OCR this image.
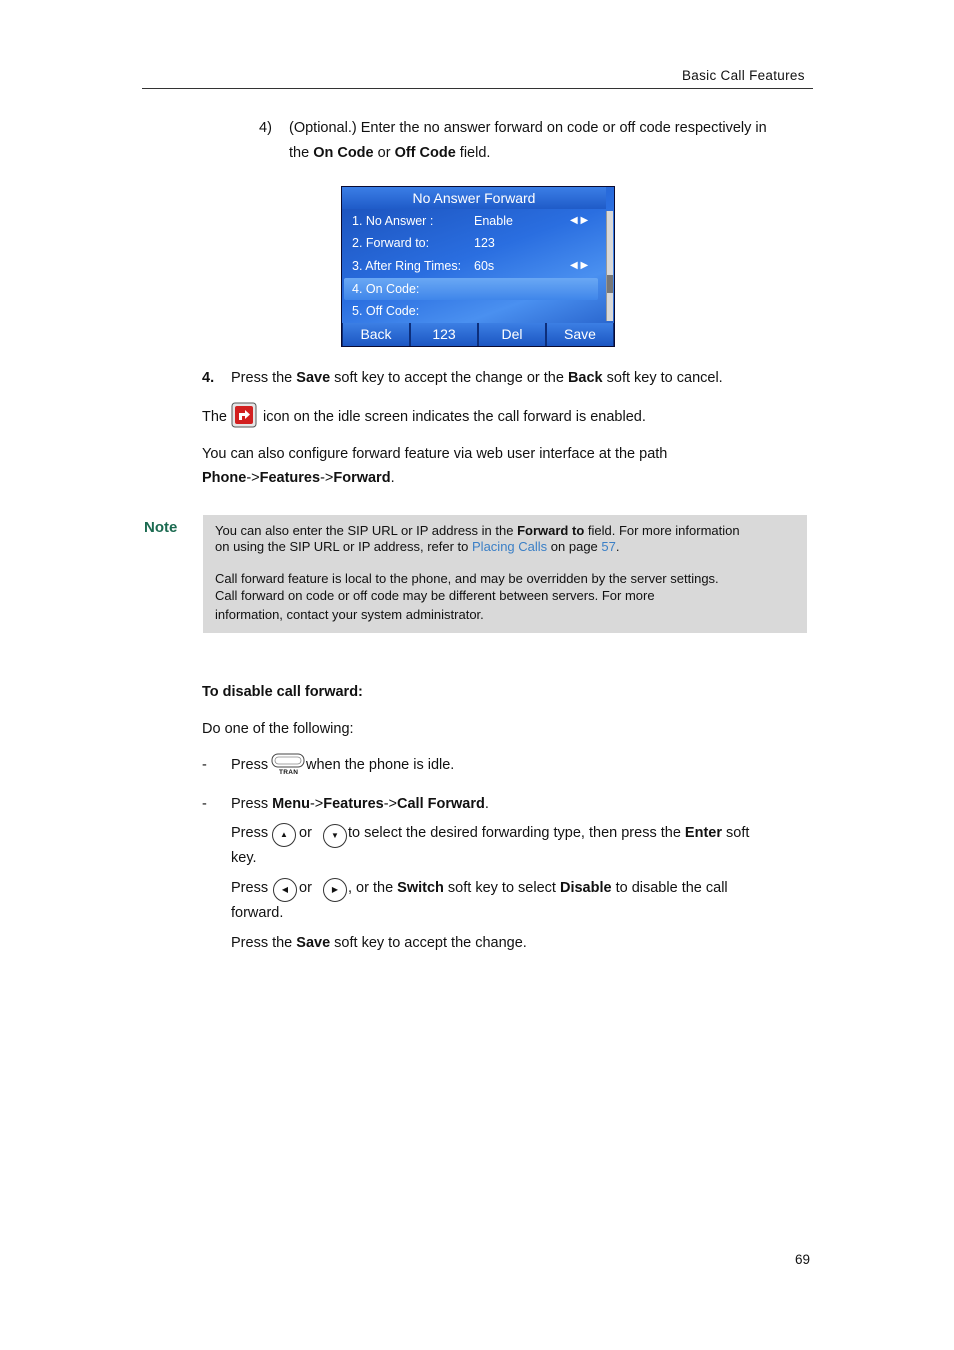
Basic Call Features
4) (Optional.) Enter the no answer forward on code or off code respectively in
the On Code or Off Code field.
No Answer Forward
1. No Answer :	Enable	◀ ▶
2. Forward to:	123
3. After Ring Times: 60s	◀ ▶
4. On Code:
5. Off Code:
Back	123	Del	Save
4. Press the Save soft key to accept the change or the Back soft key to cancel.
The icon on the idle screen indicates the call forward is enabled.
You can also configure forward feature via web user interface at the path
Phone->Features->Forward.
Note	You can also enter the SIP URL or IP address in the Forward to field. For more information
on using the SIP URL or IP address, refer to Placing Calls on page 57.
Call forward feature is local to the phone, and may be overridden by the server settings.
Call forward on code or off code may be different between servers. For more
information, contact your system administrator.
To disable call forward:
Do one of the following:
- Press TRAN when the phone is idle.
- Press Menu->Features->Call Forward.
Press	▲ or	▼ to select the desired forwarding type, then press the Enter soft
key.
Press	◀ or	▶ , or the Switch soft key to select Disable to disable the call
forward.
Press the Save soft key to accept the change.
69
